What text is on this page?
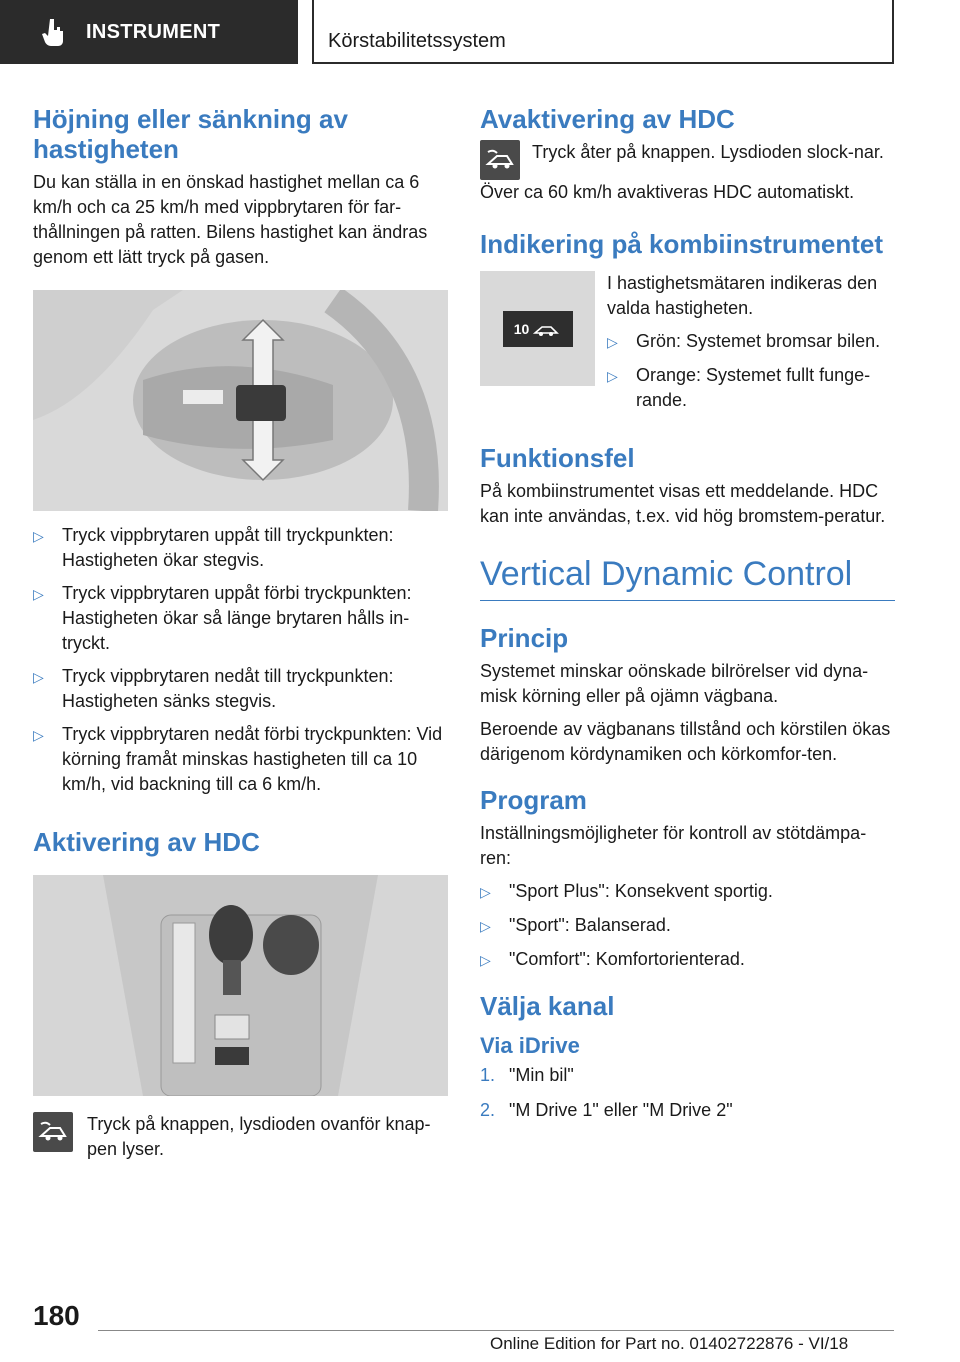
INSTRUMENT	Körstabilitetssystem
Höjning eller sänkning av hastigheten

Du kan ställa in en önskad hastighet mellan ca 6 km/h och ca 25 km/h med vippbrytaren för far-thållningen på ratten. Bilens hastighet kan ändras genom ett lätt tryck på gasen.

▷	Tryck vippbrytaren uppåt till tryckpunkten: Hastigheten ökar stegvis.
▷	Tryck vippbrytaren uppåt förbi tryckpunkten: Hastigheten ökar så länge brytaren hålls in-tryckt.
▷	Tryck vippbrytaren nedåt till tryckpunkten: Hastigheten sänks stegvis.
▷	Tryck vippbrytaren nedåt förbi tryckpunkten: Vid körning framåt minskas hastigheten till ca 10 km/h, vid backning till ca 6 km/h.
Aktivering av HDC

Tryck på knappen, lysdioden ovanför knap-pen lyser.

Avaktivering av HDC

Tryck åter på knappen. Lysdioden slock-nar.

Över ca 60 km/h avaktiveras HDC automatiskt.

Indikering på kombiinstrumentet
10

I hastighetsmätaren indikeras den valda hastigheten.

▷	Grön: Systemet bromsar bilen.
▷	Orange: Systemet fullt funge-rande.
Funktionsfel

På kombiinstrumentet visas ett meddelande. HDC kan inte användas, t.ex. vid hög bromstem-peratur.

Vertical Dynamic Control
Princip

Systemet minskar oönskade bilrörelser vid dyna-misk körning eller på ojämn vägbana.

Beroende av vägbanans tillstånd och körstilen ökas därigenom kördynamiken och körkomfor-ten.

Program

Inställningsmöjligheter för kontroll av stötdämpa-ren:

▷	"Sport Plus": Konsekvent sportig.
▷	"Sport": Balanserad.
▷	"Comfort": Komfortorienterad.
Välja kanal
Via iDrive
1. "Min bil"
2. "M Drive 1" eller "M Drive 2"
180
Online Edition for Part no. 01402722876 - VI/18
